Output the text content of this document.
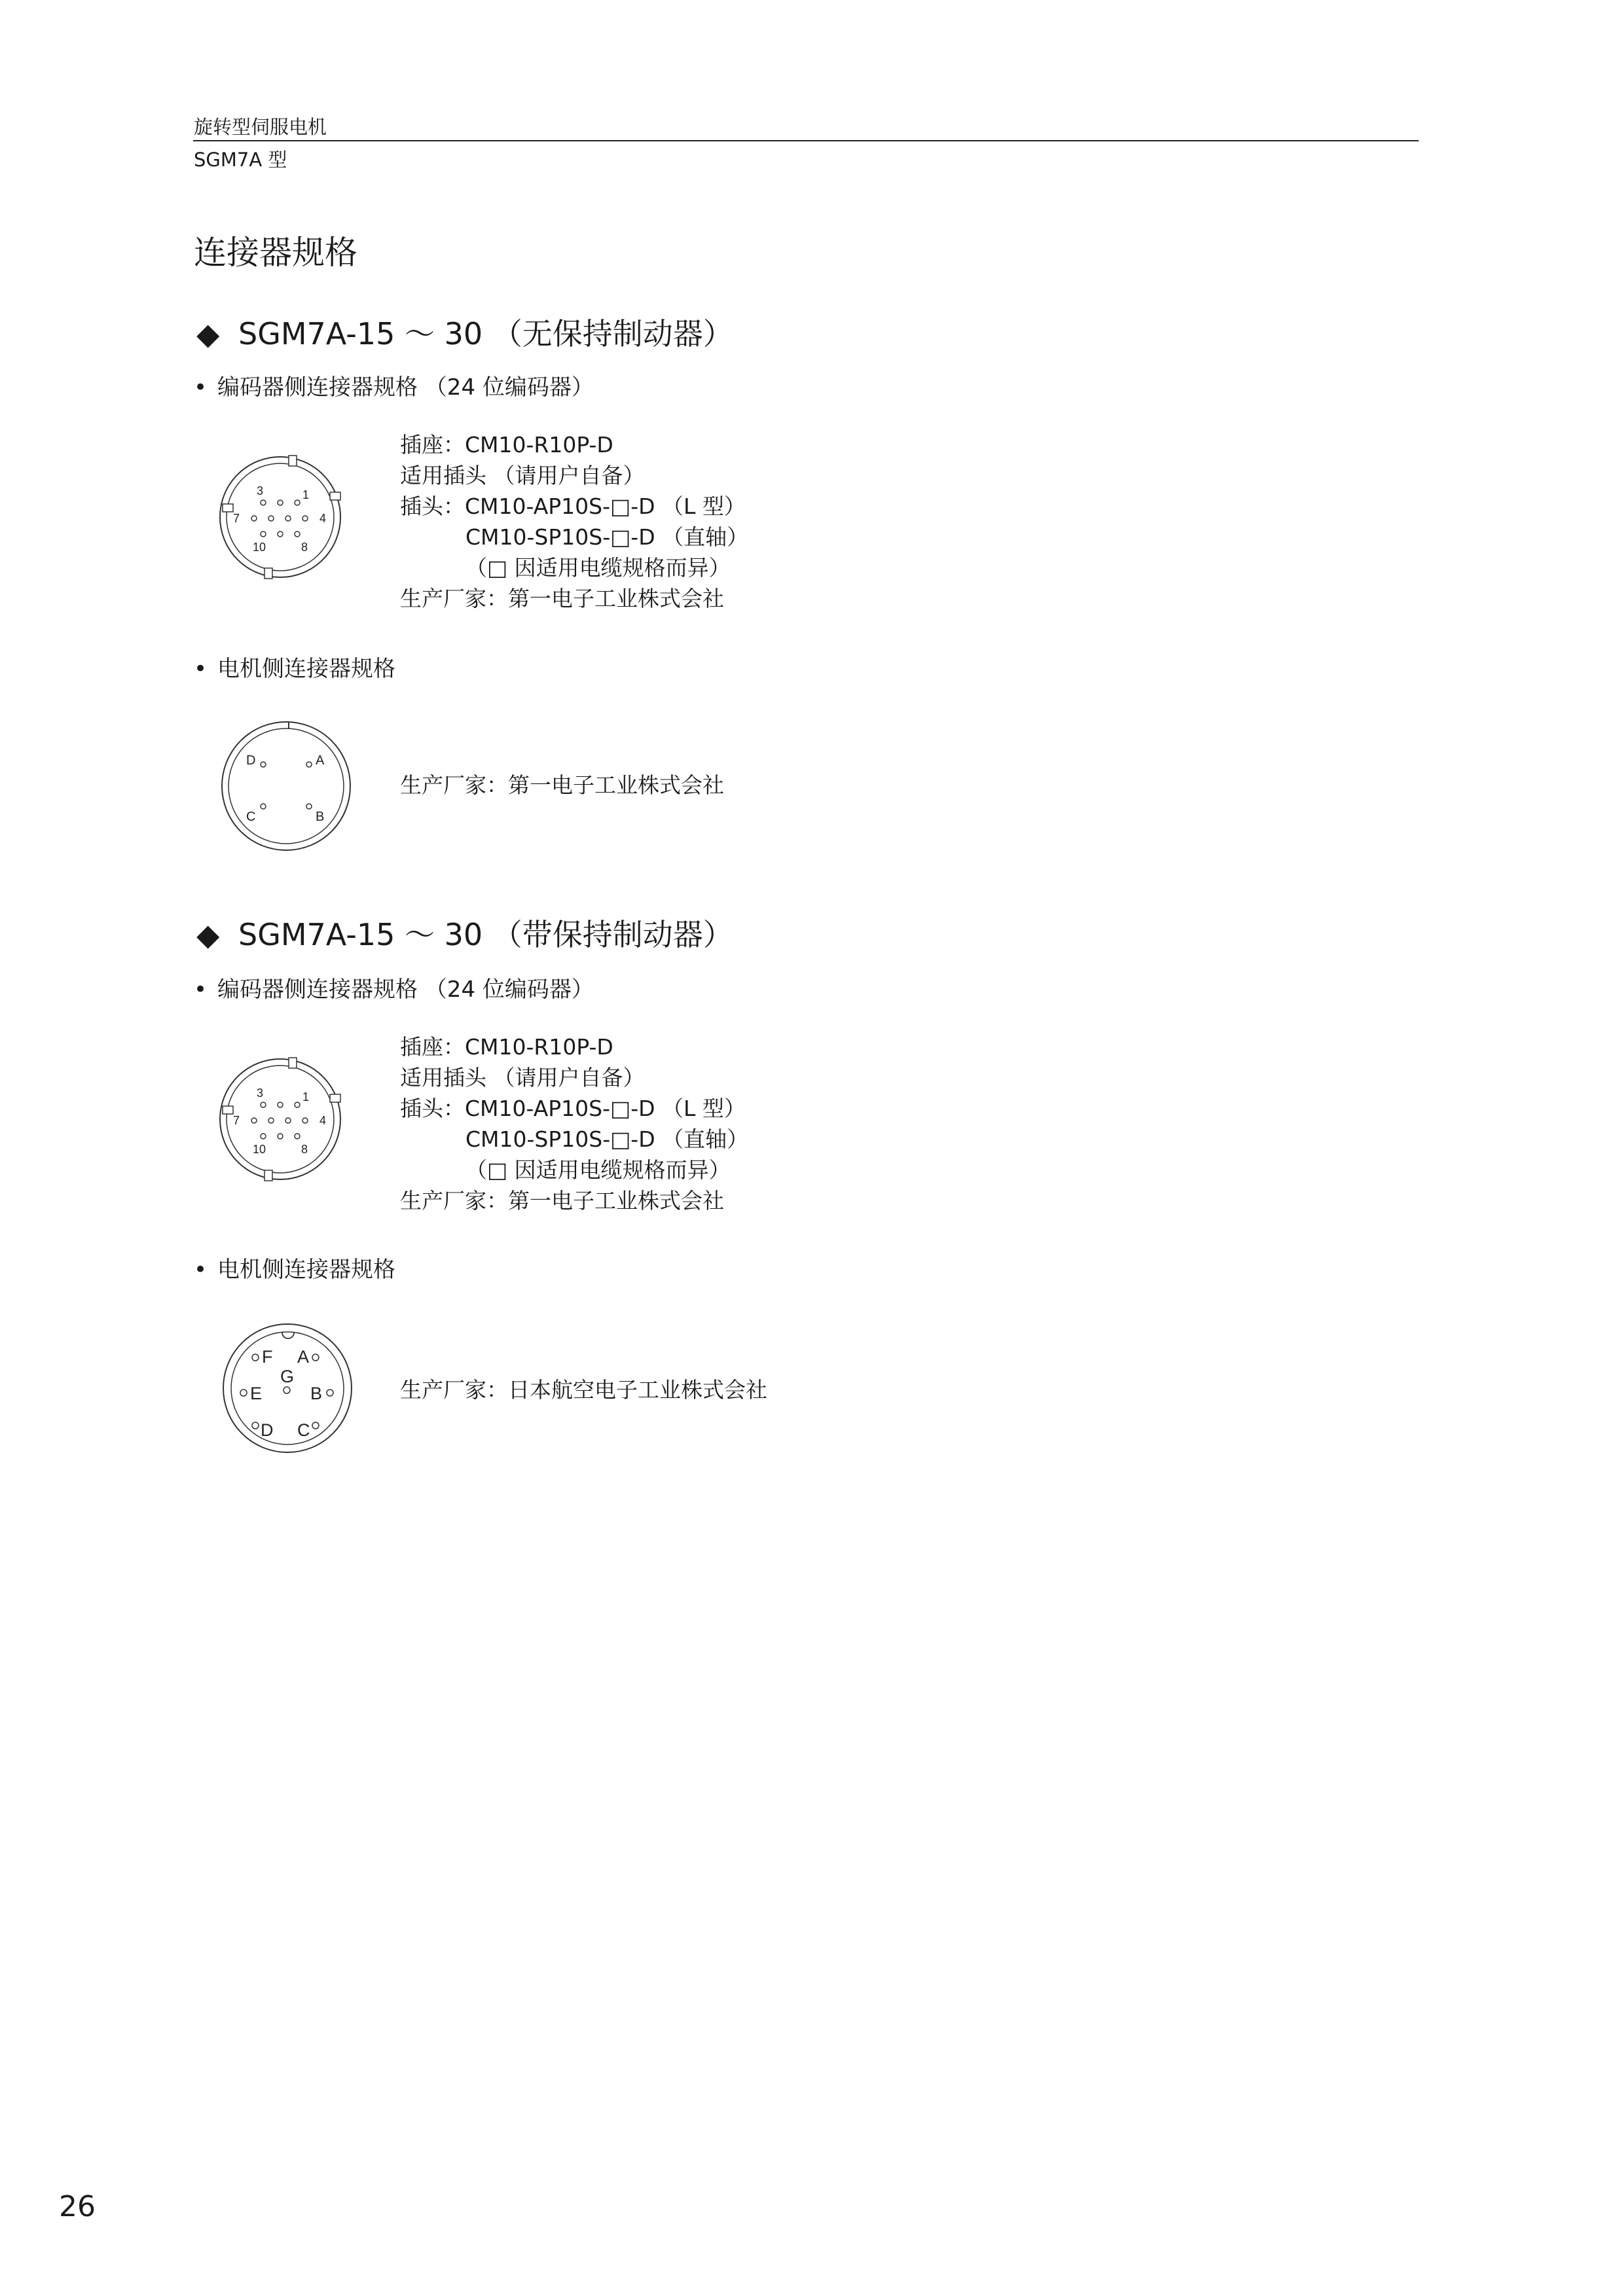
旋转型伺服电机
SGM7A 型
连接器规格
◆ SGM7A-15 ～ 30 （无保持制动器）
• 编码器侧连接器规格 （24 位编码器）
3	1
7	4
10	8
插座：CM10-R10P-D
适用插头 （请用户自备）
插头：CM10-AP10S-□-D （L 型）
CM10-SP10S-□-D （直轴）
（□ 因适用电缆规格而异）
生产厂家：第一电子工业株式会社
• 电机侧连接器规格
D	A
C	B
生产厂家：第一电子工业株式会社
◆ SGM7A-15 ～ 30 （带保持制动器）
• 编码器侧连接器规格 （24 位编码器）
3	1
7	4
10	8
插座：CM10-R10P-D
适用插头 （请用户自备）
插头：CM10-AP10S-□-D （L 型）
CM10-SP10S-□-D （直轴）
（□ 因适用电缆规格而异）
生产厂家：第一电子工业株式会社
• 电机侧连接器规格
F A
G
E	B
D C
生产厂家：日本航空电子工业株式会社
26
